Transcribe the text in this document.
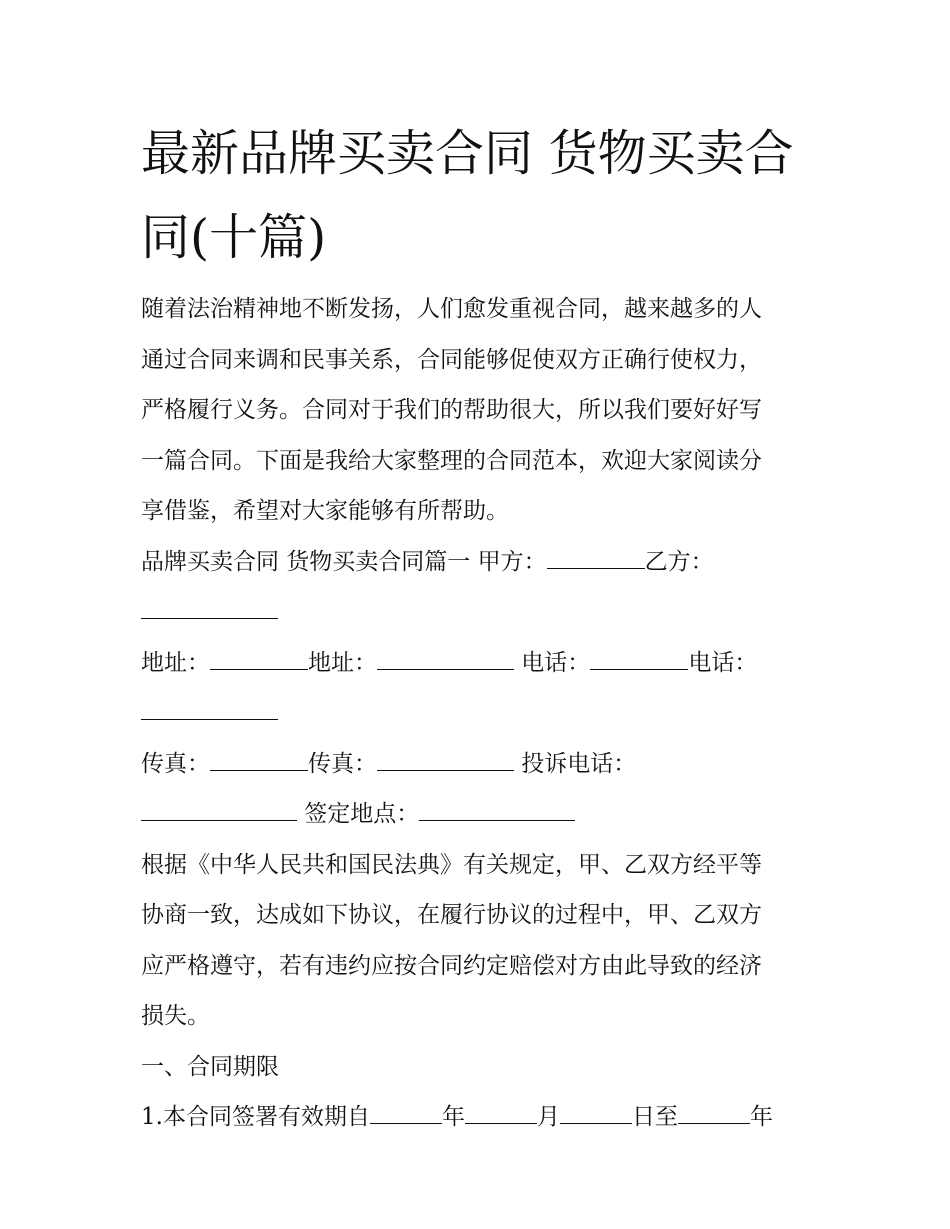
最新品牌买卖合同 货物买卖合
同(十篇)

随着法治精神地不断发扬，人们愈发重视合同，越来越多的人
通过合同来调和民事关系，合同能够促使双方正确行使权力，
严格履行义务。合同对于我们的帮助很大，所以我们要好好写
一篇合同。下面是我给大家整理的合同范本，欢迎大家阅读分
享借鉴，希望对大家能够有所帮助。

品牌买卖合同 货物买卖合同篇一 甲方：	乙方：
地址：	地址：	电话：	电话：
传真：	传真：	投诉电话：
签定地点：

根据《中华人民共和国民法典》有关规定，甲、乙双方经平等
协商一致，达成如下协议，在履行协议的过程中，甲、乙双方
应严格遵守，若有违约应按合同约定赔偿对方由此导致的经济
损失。

一、合同期限
1.本合同签署有效期自	年	月	日至	年
